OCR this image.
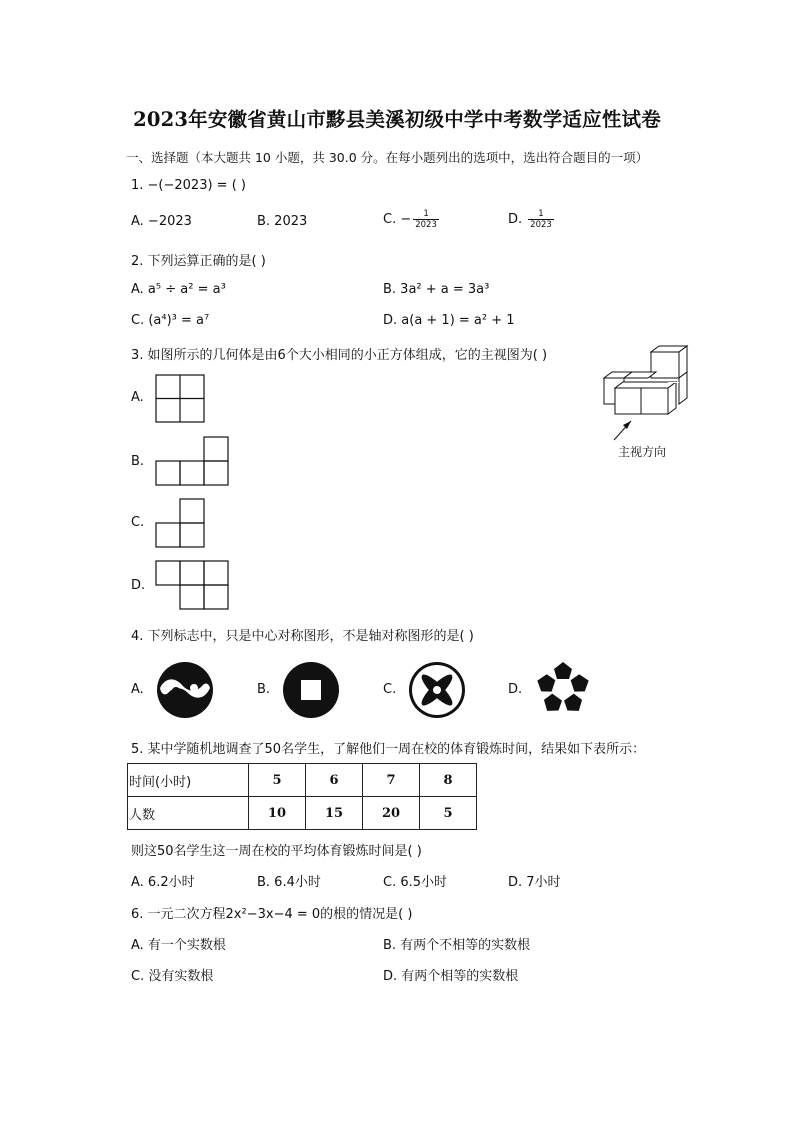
2023年安徽省黄山市黟县美溪初级中学中考数学适应性试卷
一、选择题（本大题共 10 小题，共 30.0 分。在每小题列出的选项中，选出符合题目的一项）
1. −(−2023) = ( )
A. −2023	B. 2023	C. − $\frac{1}{2023}$	D. $\frac{1}{2023}$
2. 下列运算正确的是( )
A. a⁵ ÷ a² = a³	B. 3a² + a = 3a³
C. (a⁴)³ = a⁷	D. a(a + 1) = a² + 1
3. 如图所示的几何体是由6个大小相同的小正方体组成，它的主视图为( )
主视方向
A.
B.
C.
D.
4. 下列标志中，只是中心对称图形，不是轴对称图形的是( )
A.	B.	C.	D.
5. 某中学随机地调查了50名学生，了解他们一周在校的体育锻炼时间，结果如下表所示：
时间(小时)	5	6	7	8
人数	10	15	20	5
则这50名学生这一周在校的平均体育锻炼时间是( )
A. 6.2小时	B. 6.4小时	C. 6.5小时	D. 7小时
6. 一元二次方程2x²−3x−4 = 0的根的情况是( )
A. 有一个实数根	B. 有两个不相等的实数根
C. 没有实数根	D. 有两个相等的实数根
